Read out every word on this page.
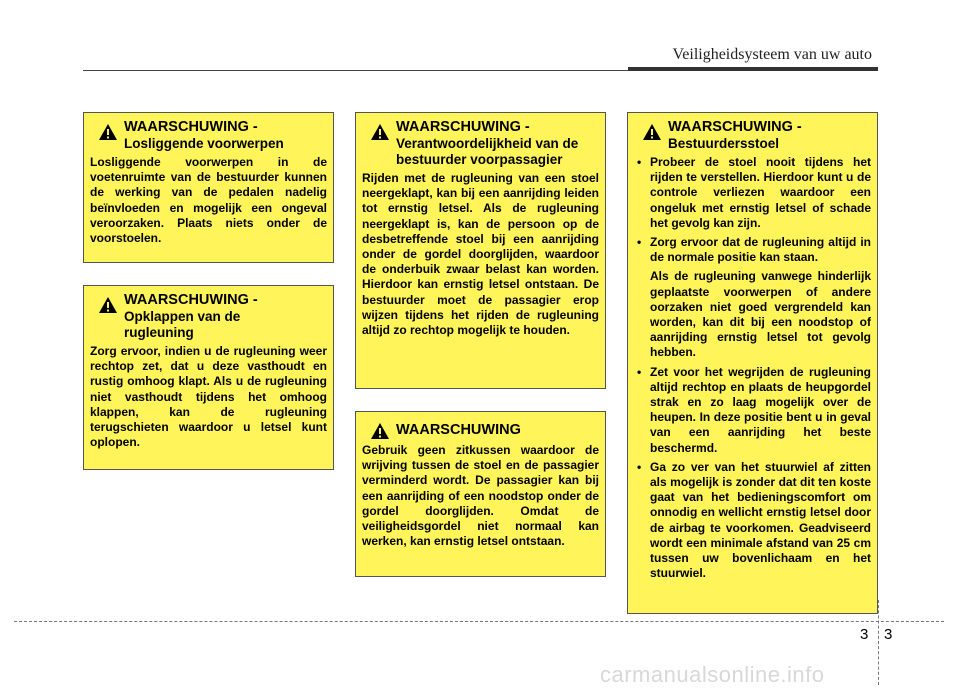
Veiligheidsysteem van uw auto
WAARSCHUWING -
Losliggende voorwerpen
Losliggende voorwerpen in de voetenruimte van de bestuurder kunnen de werking van de pedalen nadelig beïnvloeden en mogelijk een ongeval veroorzaken. Plaats niets onder de voorstoelen.
WAARSCHUWING -
Opklappen van de rugleuning
Zorg ervoor, indien u de rugleuning weer rechtop zet, dat u deze vasthoudt en rustig omhoog klapt. Als u de rugleuning niet vasthoudt tijdens het omhoog klappen, kan de rugleuning terugschieten waardoor u letsel kunt oplopen.
WAARSCHUWING -
Verantwoordelijkheid van de bestuurder voorpassagier
Rijden met de rugleuning van een stoel neergeklapt, kan bij een aanrijding leiden tot ernstig letsel. Als de rugleuning neergeklapt is, kan de persoon op de desbetreffende stoel bij een aanrijding onder de gordel doorglijden, waardoor de onderbuik zwaar belast kan worden. Hierdoor kan ernstig letsel ontstaan. De bestuurder moet de passagier erop wijzen tijdens het rijden de rugleuning altijd zo rechtop mogelijk te houden.
WAARSCHUWING
Gebruik geen zitkussen waardoor de wrijving tussen de stoel en de passagier verminderd wordt. De passagier kan bij een aanrijding of een noodstop onder de gordel doorglijden. Omdat de veiligheidsgordel niet normaal kan werken, kan ernstig letsel ontstaan.
WAARSCHUWING -
Bestuurdersstoel
• Probeer de stoel nooit tijdens het rijden te verstellen. Hierdoor kunt u de controle verliezen waardoor een ongeluk met ernstig letsel of schade het gevolg kan zijn.
• Zorg ervoor dat de rugleuning altijd in de normale positie kan staan.
Als de rugleuning vanwege hinderlijk geplaatste voorwerpen of andere oorzaken niet goed vergrendeld kan worden, kan dit bij een noodstop of aanrijding ernstig letsel tot gevolg hebben.
• Zet voor het wegrijden de rugleuning altijd rechtop en plaats de heupgordel strak en zo laag mogelijk over de heupen. In deze positie bent u in geval van een aanrijding het beste beschermd.
• Ga zo ver van het stuurwiel af zitten als mogelijk is zonder dat dit ten koste gaat van het bedieningscomfort om onnodig en wellicht ernstig letsel door de airbag te voorkomen. Geadviseerd wordt een minimale afstand van 25 cm tussen uw bovenlichaam en het stuurwiel.
3 3
carmanualsonline.info
